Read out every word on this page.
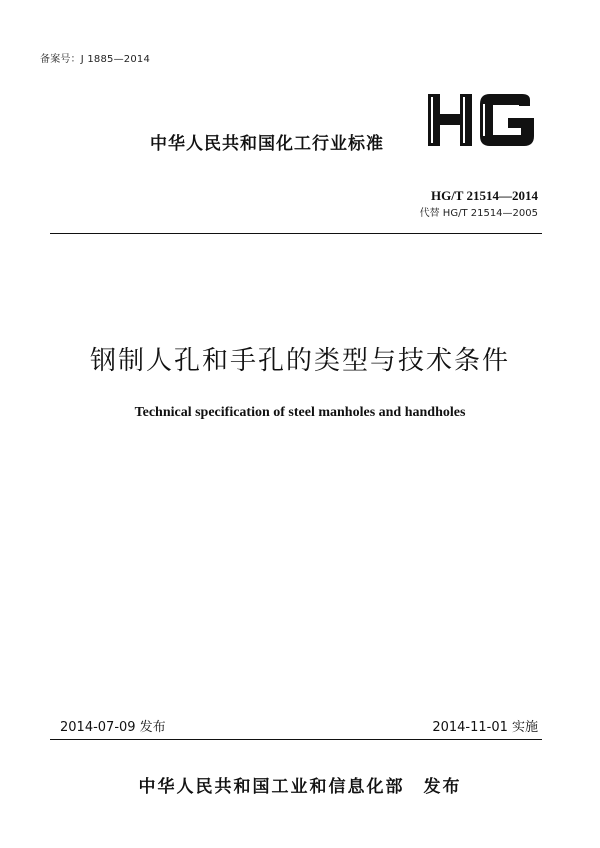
备案号：J 1885—2014
中华人民共和国化工行业标准
HG/T 21514—2014
代替 HG/T 21514—2005
钢制人孔和手孔的类型与技术条件
Technical specification of steel manholes and handholes
2014-07-09 发布	2014-11-01 实施
中华人民共和国工业和信息化部　发布
